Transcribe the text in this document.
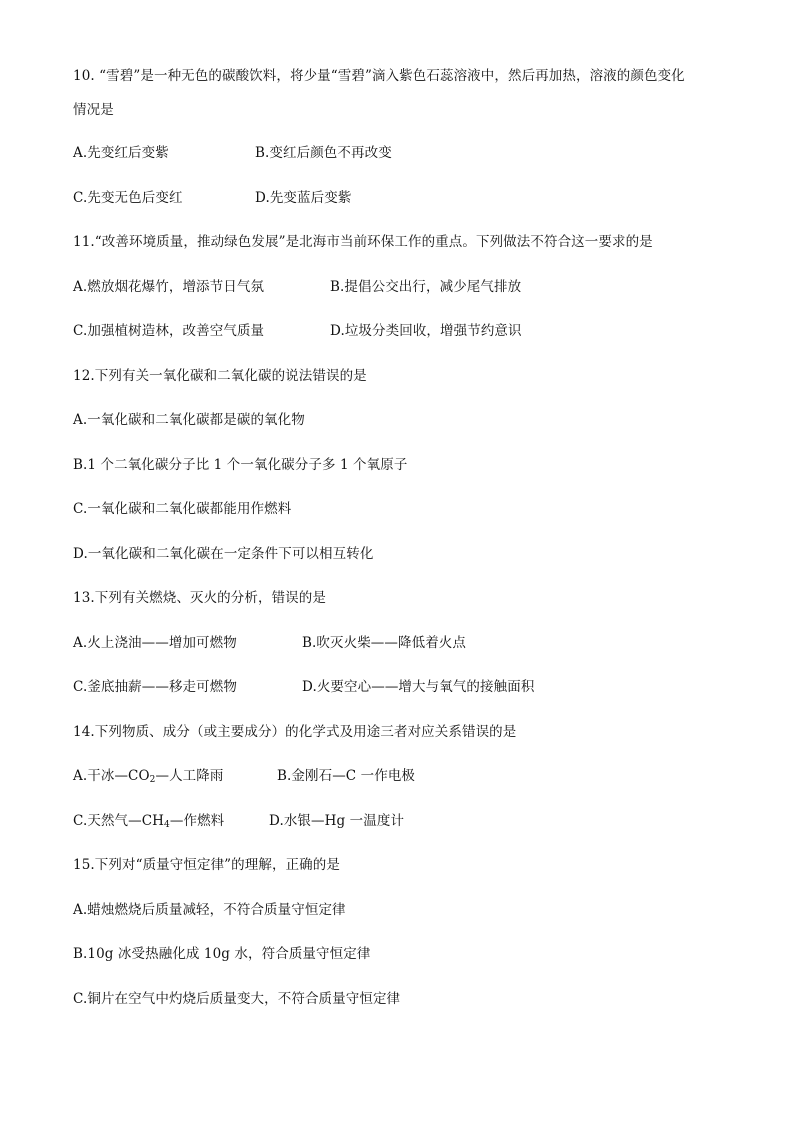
10. “雪碧”是一种无色的碳酸饮料，将少量“雪碧”滴入紫色石蕊溶液中，然后再加热，溶液的颜色变化
情况是
A.先变红后变紫	B.变红后颜色不再改变
C.先变无色后变红	D.先变蓝后变紫
11.“改善环境质量，推动绿色发展”是北海市当前环保工作的重点。下列做法不符合这一要求的是
A.燃放烟花爆竹，增添节日气氛	B.提倡公交出行，减少尾气排放
C.加强植树造林，改善空气质量	D.垃圾分类回收，增强节约意识
12.下列有关一氧化碳和二氧化碳的说法错误的是
A.一氧化碳和二氧化碳都是碳的氧化物
B.1 个二氧化碳分子比 1 个一氧化碳分子多 1 个氧原子
C.一氧化碳和二氧化碳都能用作燃料
D.一氧化碳和二氧化碳在一定条件下可以相互转化
13.下列有关燃烧、灭火的分析，错误的是
A.火上浇油——增加可燃物	B.吹灭火柴——降低着火点
C.釜底抽薪——移走可燃物	D.火要空心——增大与氧气的接触面积
14.下列物质、成分（或主要成分）的化学式及用途三者对应关系错误的是
A.干冰$—CO_2—$人工降雨	B.金刚石—C 一作电极
C.天然气$—CH_4—$作燃料	D.水银—Hg 一温度计
15.下列对“质量守恒定律”的理解，正确的是
A.蜡烛燃烧后质量减轻，不符合质量守恒定律
B.10g 冰受热融化成 10g 水，符合质量守恒定律
C.铜片在空气中灼烧后质量变大，不符合质量守恒定律
